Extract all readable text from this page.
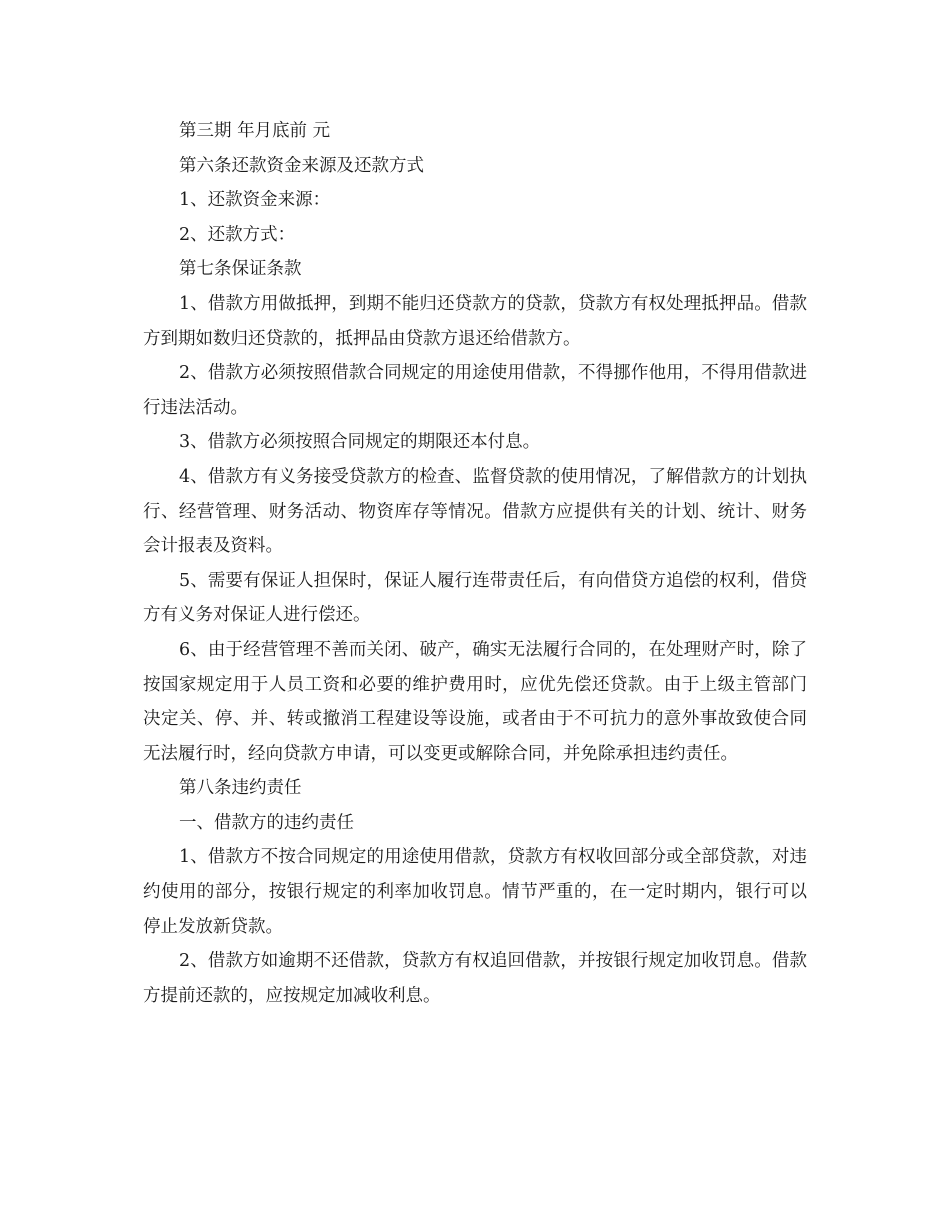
第三期 年月底前 元

第六条还款资金来源及还款方式

1、还款资金来源：

2、还款方式：

第七条保证条款

1、借款方用做抵押，到期不能归还贷款方的贷款，贷款方有权处理抵押品。借款方到期如数归还贷款的，抵押品由贷款方退还给借款方。

2、借款方必须按照借款合同规定的用途使用借款，不得挪作他用，不得用借款进行违法活动。

3、借款方必须按照合同规定的期限还本付息。

4、借款方有义务接受贷款方的检查、监督贷款的使用情况，了解借款方的计划执行、经营管理、财务活动、物资库存等情况。借款方应提供有关的计划、统计、财务会计报表及资料。

5、需要有保证人担保时，保证人履行连带责任后，有向借贷方追偿的权利，借贷方有义务对保证人进行偿还。

6、由于经营管理不善而关闭、破产，确实无法履行合同的，在处理财产时，除了按国家规定用于人员工资和必要的维护费用时，应优先偿还贷款。由于上级主管部门决定关、停、并、转或撤消工程建设等设施，或者由于不可抗力的意外事故致使合同无法履行时，经向贷款方申请，可以变更或解除合同，并免除承担违约责任。

第八条违约责任

一、借款方的违约责任

1、借款方不按合同规定的用途使用借款，贷款方有权收回部分或全部贷款，对违约使用的部分，按银行规定的利率加收罚息。情节严重的，在一定时期内，银行可以停止发放新贷款。

2、借款方如逾期不还借款，贷款方有权追回借款，并按银行规定加收罚息。借款方提前还款的，应按规定加减收利息。
